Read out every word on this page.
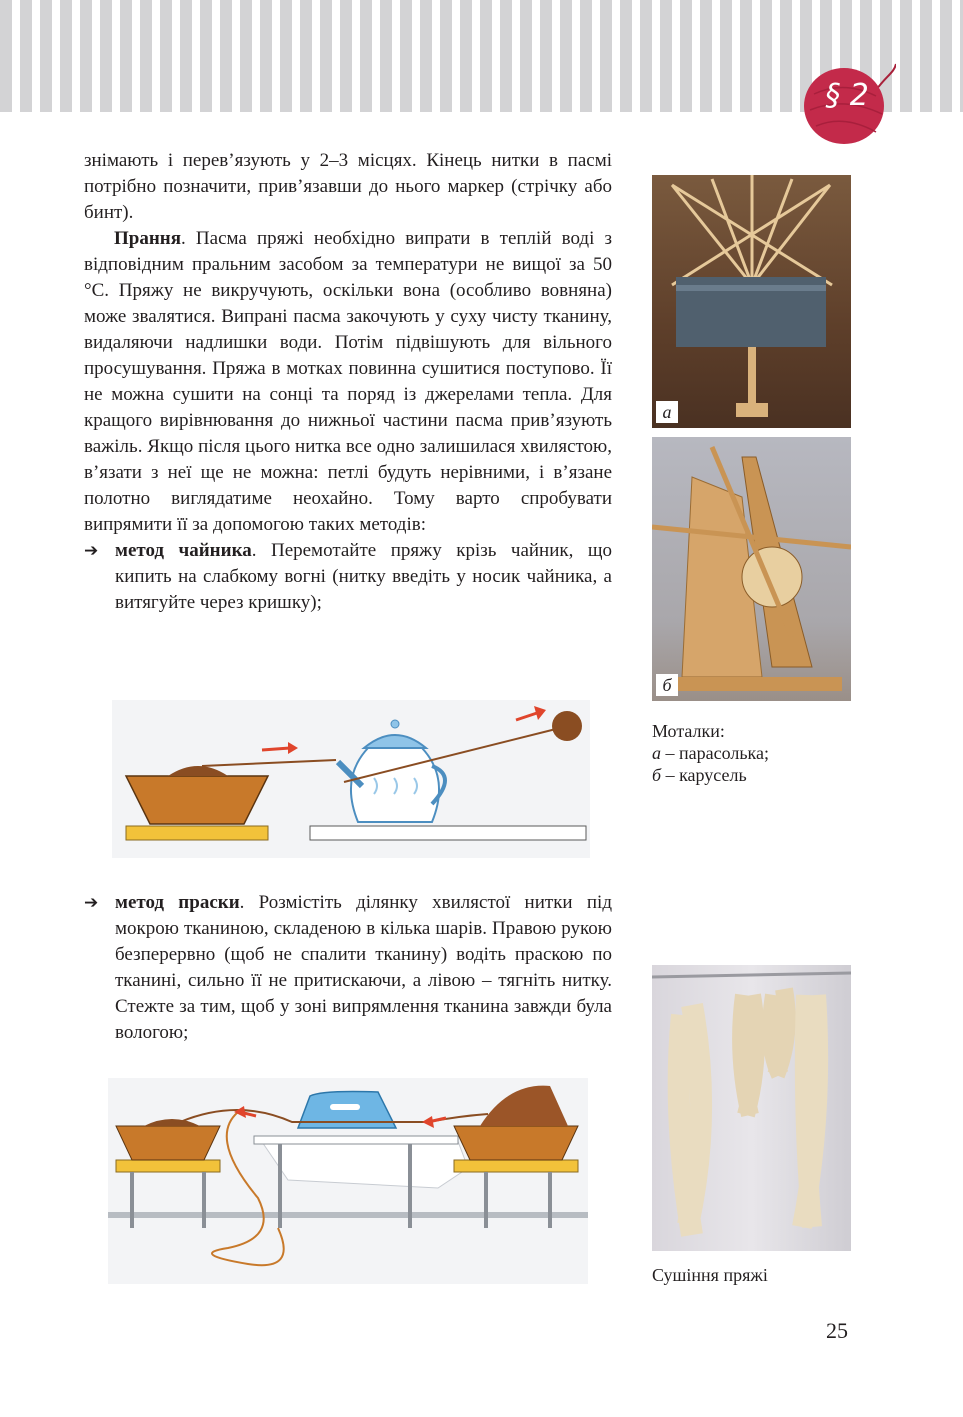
§ 2

знімають і перев’язують у 2–3 місцях. Кінець нитки в пасмі потрібно позначити, прив’язавши до нього маркер (стрічку або бинт).

Прання. Пасма пряжі необхідно випрати в теплій воді з відповідним пральним засобом за температури не вищої за 50 °С. Пряжу не викручують, оскільки вона (особливо вовняна) може звалятися. Випрані пасма закочують у суху чисту тканину, видаляючи надлишки води. Потім підвішують для вільного просушування. Пряжа в мотках повинна сушитися поступово. Її не можна сушити на сонці та поряд із джерелами тепла. Для кращого вирівнювання до нижньої частини пасма прив’язують важіль. Якщо після цього нитка все одно залишилася хвилястою, в’язати з неї ще не можна: петлі будуть нерівними, і в’язане полотно виглядатиме неохайно. Тому варто спробувати випрямити її за допомогою таких методів:

➔ метод чайника. Перемотайте пряжу крізь чайник, що кипить на слабкому вогні (нитку введіть у носик чайника, а витягуйте через кришку);

➔ метод праски. Розмістіть ділянку хвилястої нитки під мокрою тканиною, складеною в кілька шарів. Правою рукою безперервно (щоб не спалити тканину) водіть праскою по тканині, сильно її не притискаючи, а лівою – тягніть нитку. Стежте за тим, щоб у зоні випрямлення тканина завжди була вологою;

а
б
Моталки:
а – парасолька;
б – карусель
Сушіння пряжі
25
